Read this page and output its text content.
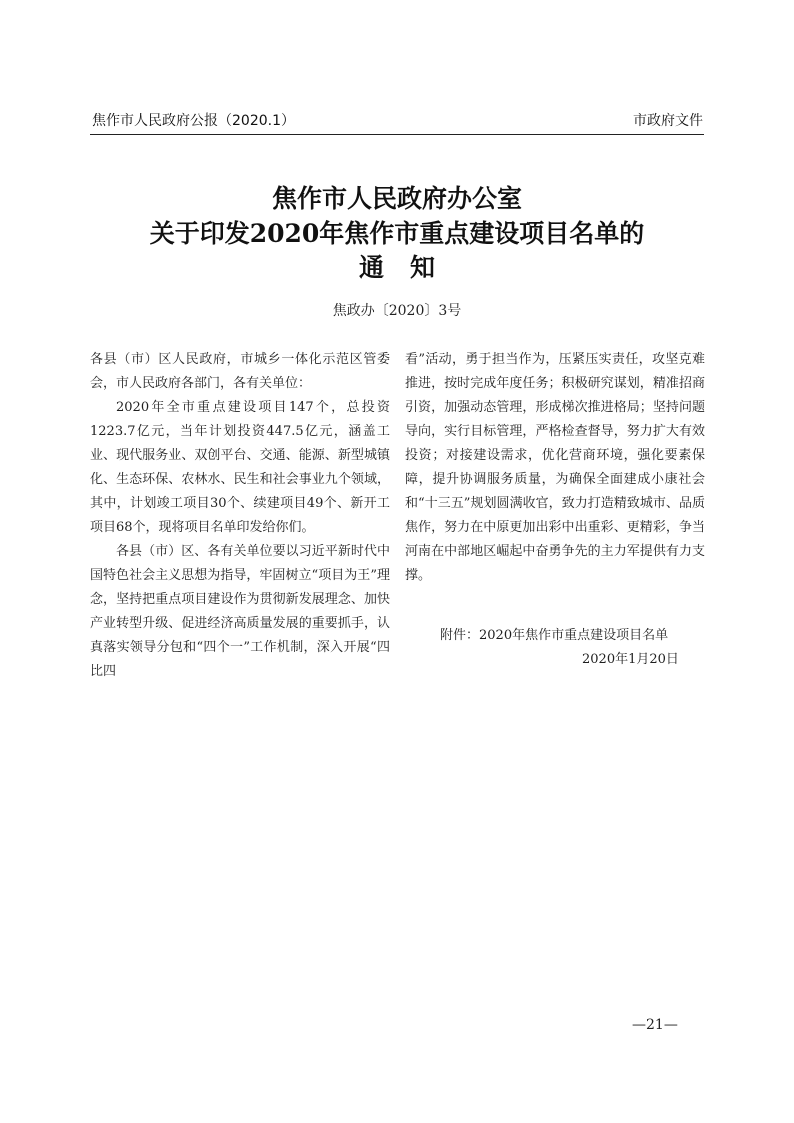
焦作市人民政府公报（2020.1）	市政府文件
焦作市人民政府办公室
关于印发2020年焦作市重点建设项目名单的
通 知
焦政办〔2020〕3号

各县（市）区人民政府，市城乡一体化示范区管委会，市人民政府各部门，各有关单位：

2020年全市重点建设项目147个，总投资1223.7亿元，当年计划投资447.5亿元，涵盖工业、现代服务业、双创平台、交通、能源、新型城镇化、生态环保、农林水、民生和社会事业九个领域，其中，计划竣工项目30个、续建项目49个、新开工项目68个，现将项目名单印发给你们。

各县（市）区、各有关单位要以习近平新时代中国特色社会主义思想为指导，牢固树立“项目为王”理念，坚持把重点项目建设作为贯彻新发展理念、加快产业转型升级、促进经济高质量发展的重要抓手，认真落实领导分包和“四个一”工作机制，深入开展“四比四

看”活动，勇于担当作为，压紧压实责任，攻坚克难推进，按时完成年度任务；积极研究谋划，精准招商引资，加强动态管理，形成梯次推进格局；坚持问题导向，实行目标管理，严格检查督导，努力扩大有效投资；对接建设需求，优化营商环境，强化要素保障，提升协调服务质量，为确保全面建成小康社会和“十三五”规划圆满收官，致力打造精致城市、品质焦作，努力在中原更加出彩中出重彩、更精彩，争当河南在中部地区崛起中奋勇争先的主力军提供有力支撑。

附件：2020年焦作市重点建设项目名单
2020年1月20日
—21—
